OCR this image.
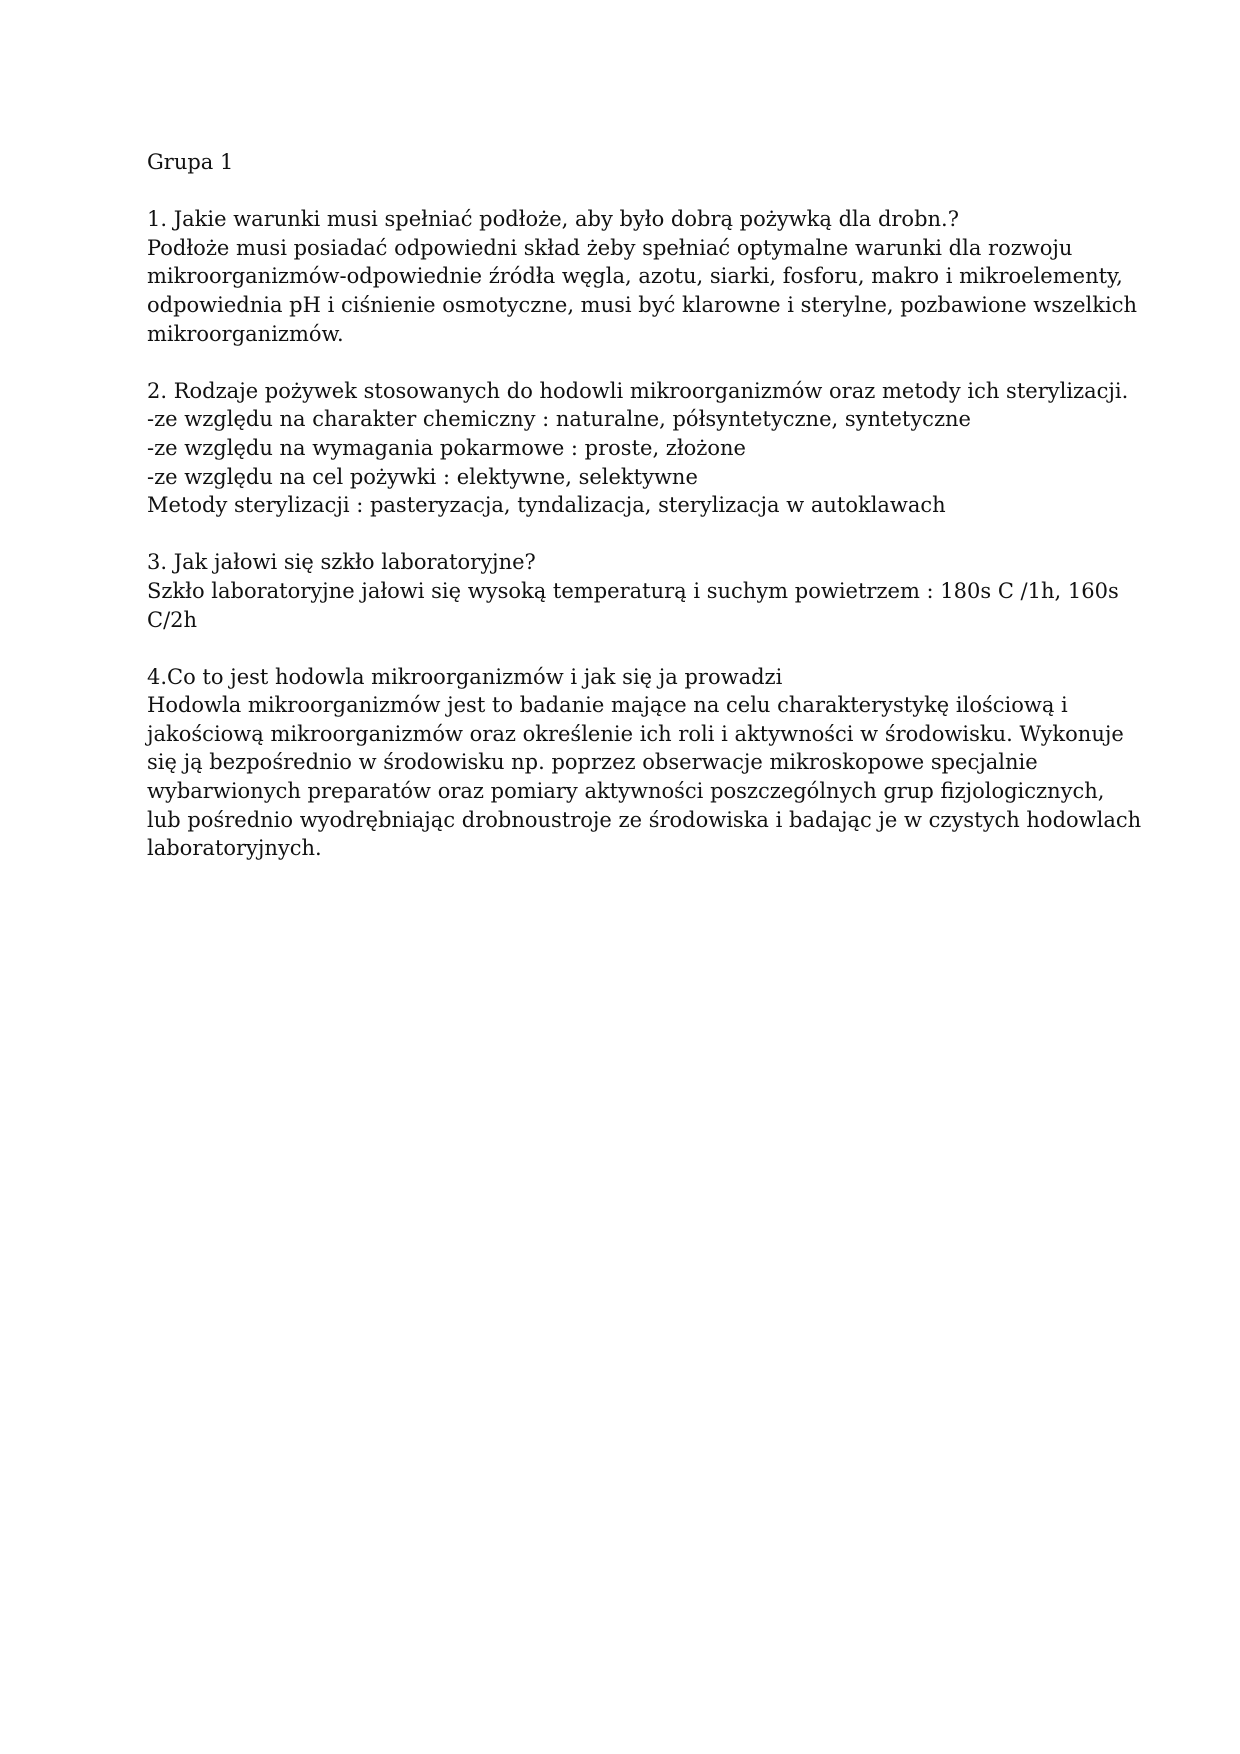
Grupa 1
1. Jakie warunki musi spełniać podłoże, aby było dobrą pożywką dla drobn.?
Podłoże musi posiadać odpowiedni skład żeby spełniać optymalne warunki dla rozwoju
mikroorganizmów-odpowiednie źródła węgla, azotu, siarki, fosforu, makro i mikroelementy,
odpowiednia pH i ciśnienie osmotyczne, musi być klarowne i sterylne, pozbawione wszelkich
mikroorganizmów.
2. Rodzaje pożywek stosowanych do hodowli mikroorganizmów oraz metody ich sterylizacji.
-ze względu na charakter chemiczny : naturalne, półsyntetyczne, syntetyczne
-ze względu na wymagania pokarmowe : proste, złożone
-ze względu na cel pożywki : elektywne, selektywne
Metody sterylizacji : pasteryzacja, tyndalizacja, sterylizacja w autoklawach
3. Jak jałowi się szkło laboratoryjne?
Szkło laboratoryjne jałowi się wysoką temperaturą i suchym powietrzem : 180s C /1h, 160s
C/2h
4.Co to jest hodowla mikroorganizmów i jak się ja prowadzi
Hodowla mikroorganizmów jest to badanie mające na celu charakterystykę ilościową i
jakościową mikroorganizmów oraz określenie ich roli i aktywności w środowisku. Wykonuje
się ją bezpośrednio w środowisku np. poprzez obserwacje mikroskopowe specjalnie
wybarwionych preparatów oraz pomiary aktywności poszczególnych grup fizjologicznych,
lub pośrednio wyodrębniając drobnoustroje ze środowiska i badając je w czystych hodowlach
laboratoryjnych.
